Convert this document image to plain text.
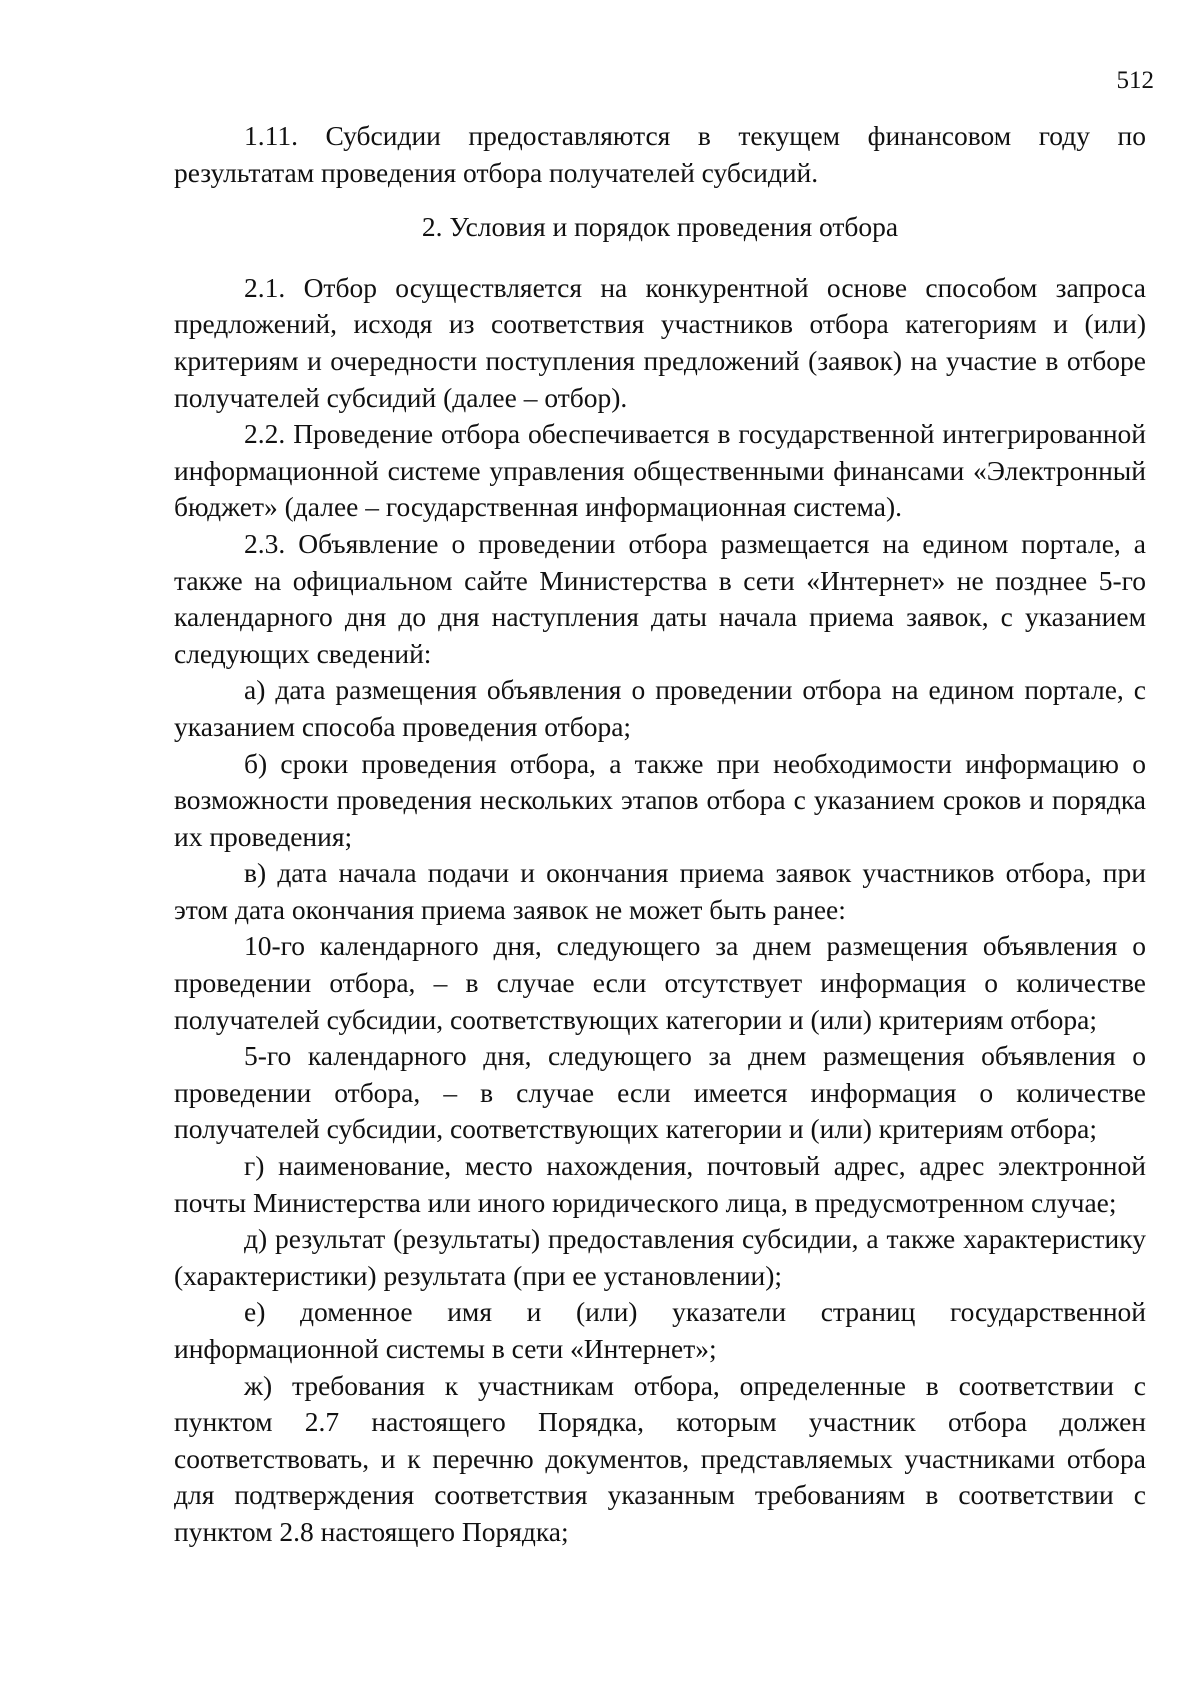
512

1.11. Субсидии предоставляются в текущем финансовом году по результатам проведения отбора получателей субсидий.

2. Условия и порядок проведения отбора

2.1. Отбор осуществляется на конкурентной основе способом запроса предложений, исходя из соответствия участников отбора категориям и (или) критериям и очередности поступления предложений (заявок) на участие в отборе получателей субсидий (далее – отбор).

2.2. Проведение отбора обеспечивается в государственной интегрированной информационной системе управления общественными финансами «Электронный бюджет» (далее – государственная информационная система).

2.3. Объявление о проведении отбора размещается на едином портале, а также на официальном сайте Министерства в сети «Интернет» не позднее 5-го календарного дня до дня наступления даты начала приема заявок, с указанием следующих сведений:

а) дата размещения объявления о проведении отбора на едином портале, с указанием способа проведения отбора;

б) сроки проведения отбора, а также при необходимости информацию о возможности проведения нескольких этапов отбора с указанием сроков и порядка их проведения;

в) дата начала подачи и окончания приема заявок участников отбора, при этом дата окончания приема заявок не может быть ранее:

10-го календарного дня, следующего за днем размещения объявления о проведении отбора, – в случае если отсутствует информация о количестве получателей субсидии, соответствующих категории и (или) критериям отбора;

5-го календарного дня, следующего за днем размещения объявления о проведении отбора, – в случае если имеется информация о количестве получателей субсидии, соответствующих категории и (или) критериям отбора;

г) наименование, место нахождения, почтовый адрес, адрес электронной почты Министерства или иного юридического лица, в предусмотренном случае;

д) результат (результаты) предоставления субсидии, а также характеристику (характеристики) результата (при ее установлении);

е) доменное имя и (или) указатели страниц государственной информационной системы в сети «Интернет»;

ж) требования к участникам отбора, определенные в соответствии с пунктом 2.7 настоящего Порядка, которым участник отбора должен соответствовать, и к перечню документов, представляемых участниками отбора для подтверждения соответствия указанным требованиям в соответствии с пунктом 2.8 настоящего Порядка;
